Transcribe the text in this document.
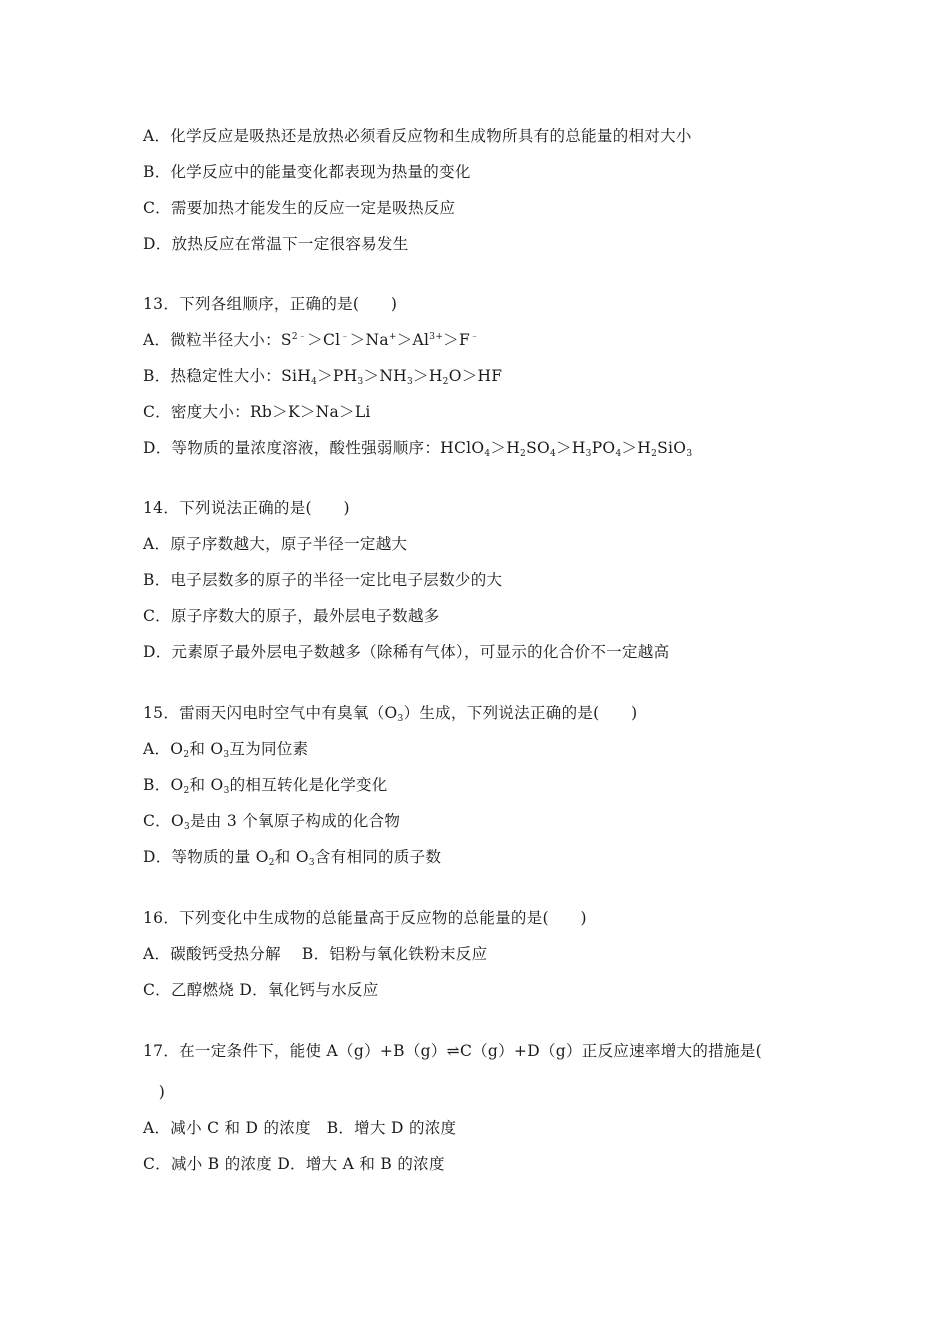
A．化学反应是吸热还是放热必须看反应物和生成物所具有的总能量的相对大小
B．化学反应中的能量变化都表现为热量的变化
C．需要加热才能发生的反应一定是吸热反应
D．放热反应在常温下一定很容易发生
13．下列各组顺序，正确的是(　　)
A．微粒半径大小：$S^{2﹣}>Cl^﹣>Na^+>Al^{3+}>F^﹣$
B．热稳定性大小：$SiH_4>PH_3>NH_3>H_2O>HF$
C．密度大小：Rb＞K＞Na＞Li
D．等物质的量浓度溶液，酸性强弱顺序：$HClO_4>H_2SO_4>H_3PO_4>H_2SiO_3$
14．下列说法正确的是(　　)
A．原子序数越大，原子半径一定越大
B．电子层数多的原子的半径一定比电子层数少的大
C．原子序数大的原子，最外层电子数越多
D．元素原子最外层电子数越多（除稀有气体），可显示的化合价不一定越高
15．雷雨天闪电时空气中有臭氧$(O_3)$生成，下列说法正确的是(　　)
A．$O_2$和 $O_3$互为同位素
B．$O_2$和 $O_3$的相互转化是化学变化
C．$O_3$是由 3 个氧原子构成的化合物
D．等物质的量 $O_2$和 $O_3$含有相同的质子数
16．下列变化中生成物的总能量高于反应物的总能量的是(　　)
A．碳酸钙受热分解　 B．铝粉与氧化铁粉末反应
C．乙醇燃烧 D．氧化钙与水反应
17．在一定条件下，能使 A（g）+B（g）⇌C（g）+D（g）正反应速率增大的措施是(
　)
A．减小 C 和 D 的浓度　B．增大 D 的浓度
C．减小 B 的浓度 D．增大 A 和 B 的浓度
